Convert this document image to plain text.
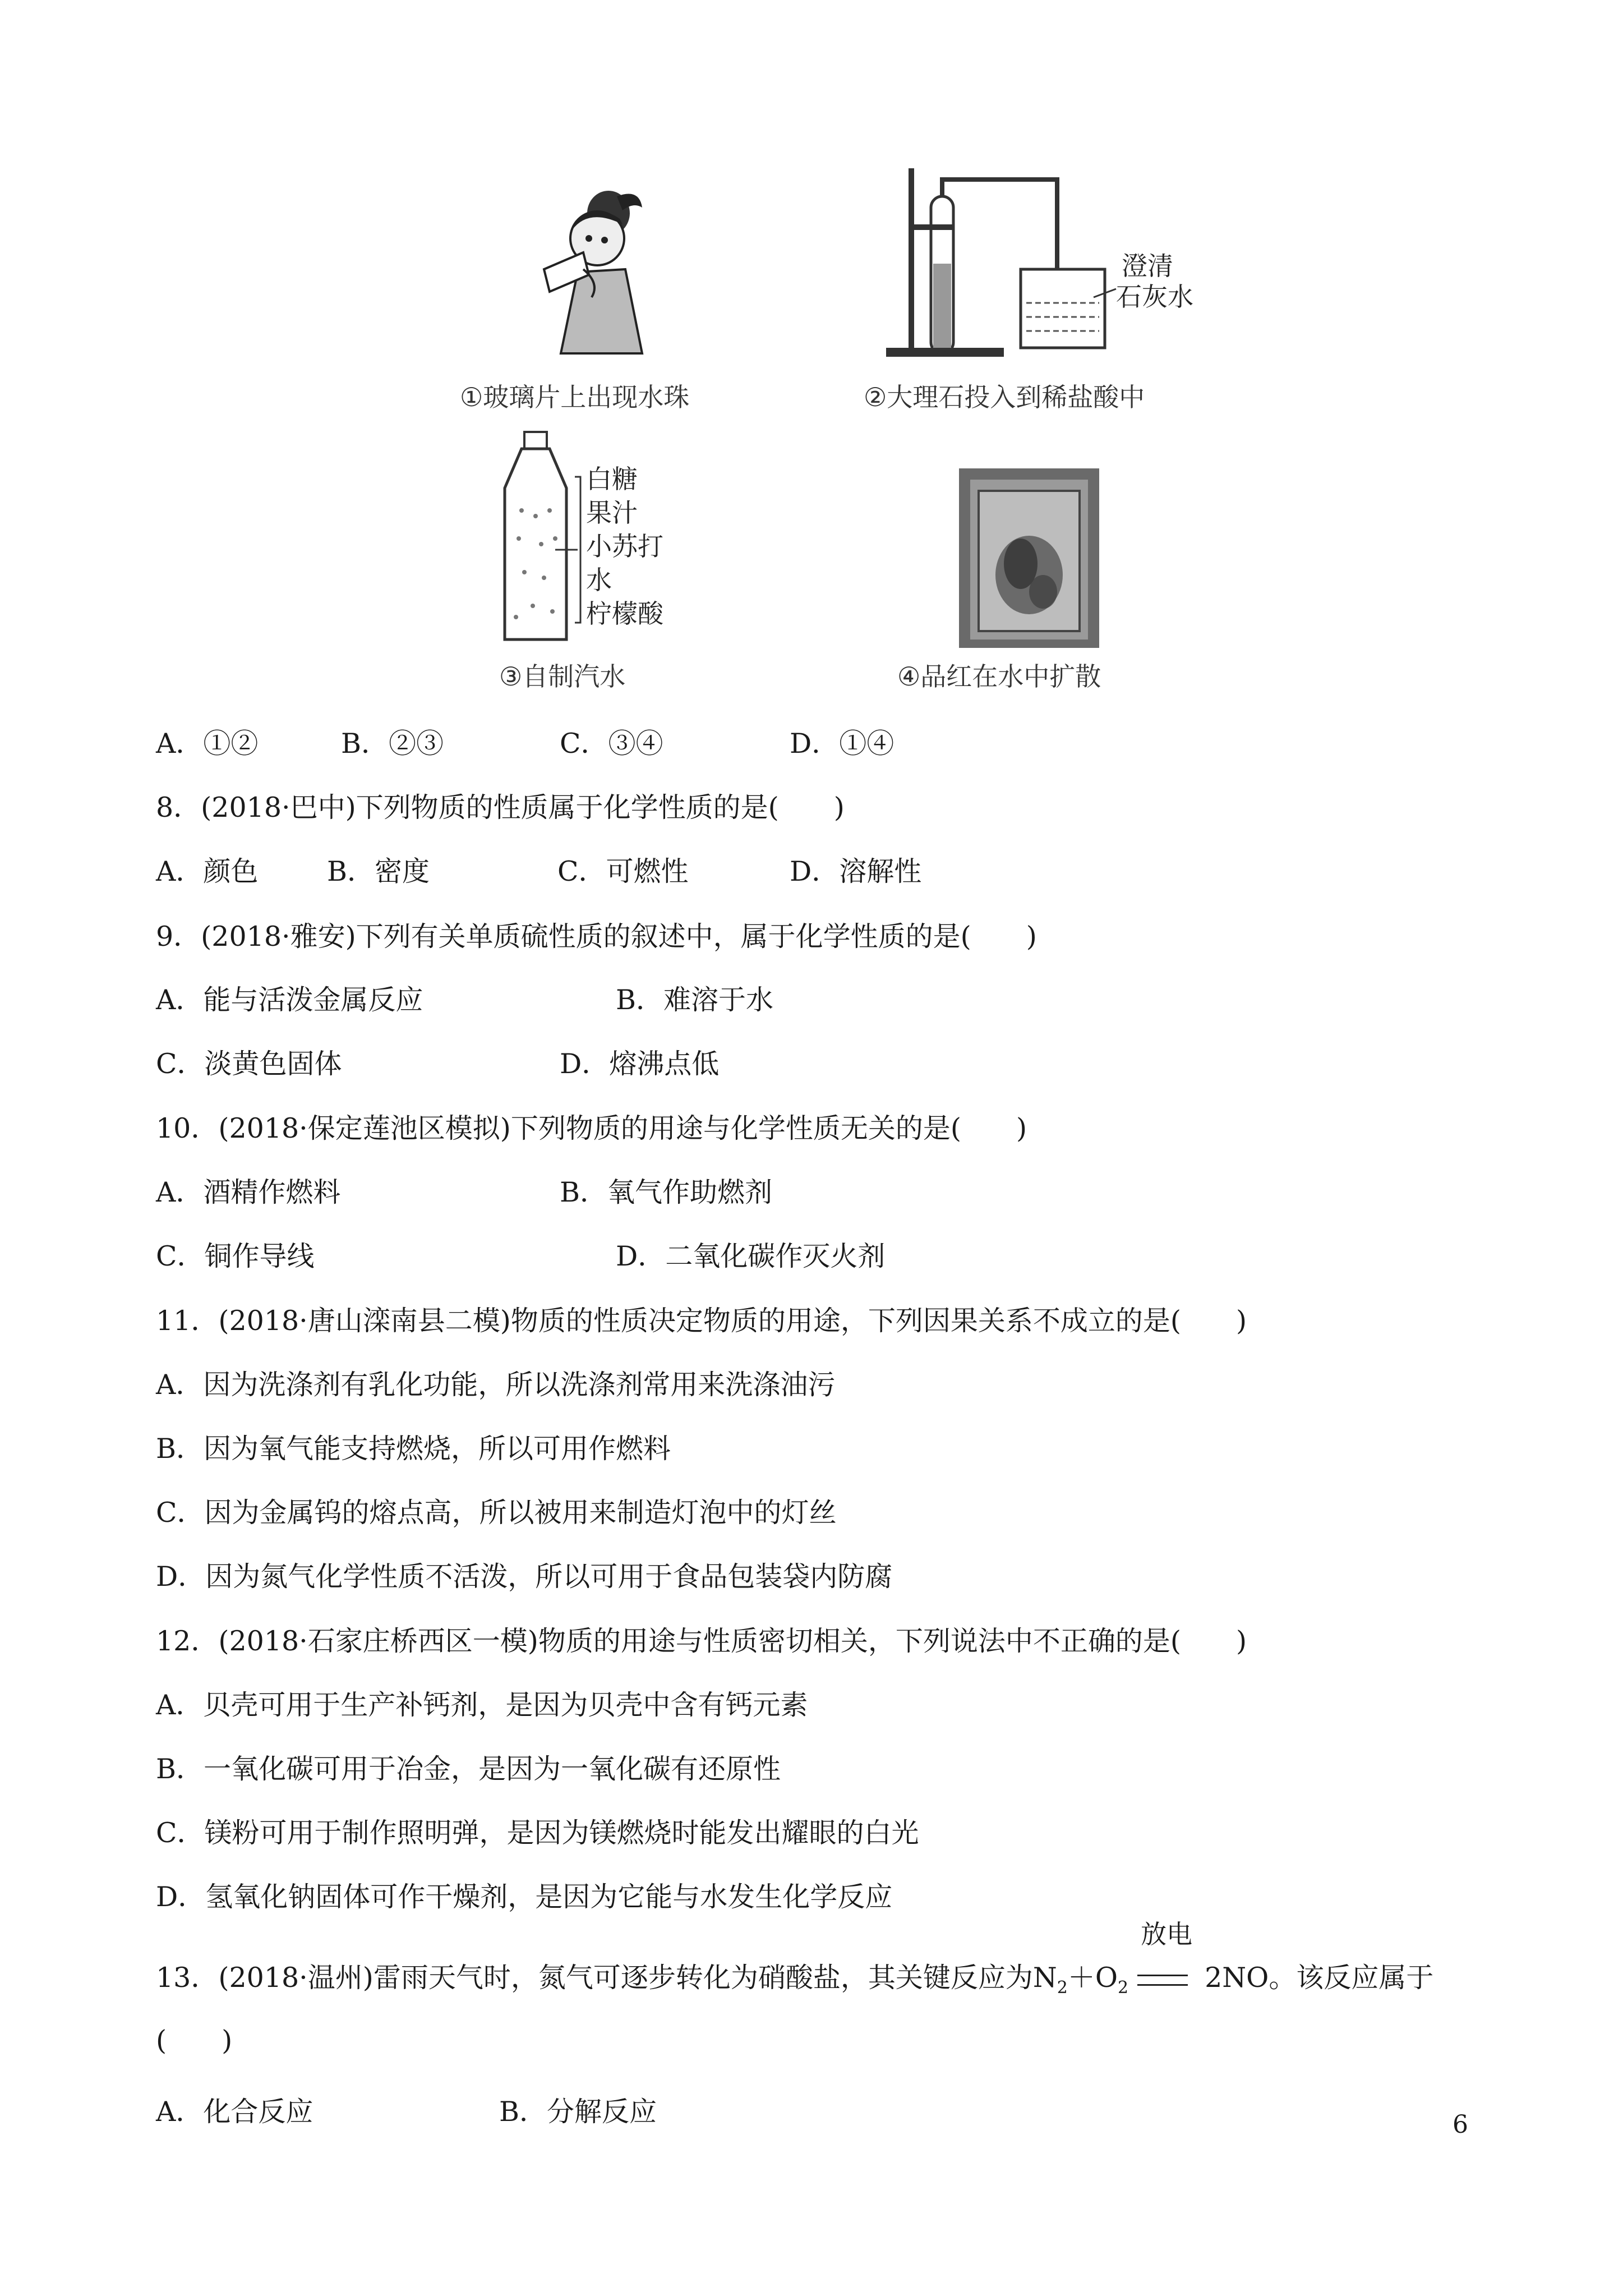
①玻璃片上出现水珠
澄清
石灰水
②大理石投入到稀盐酸中
白糖
果汁
小苏打
水
柠檬酸
③自制汽水	④品红在水中扩散
A．①②	B．②③	C．③④	D．①④
8．(2018·巴中)下列物质的性质属于化学性质的是(　　)
A．颜色	B．密度	C．可燃性	D．溶解性
9．(2018·雅安)下列有关单质硫性质的叙述中，属于化学性质的是(　　)
A．能与活泼金属反应	B．难溶于水
C．淡黄色固体	D．熔沸点低
10．(2018·保定莲池区模拟)下列物质的用途与化学性质无关的是(　　)
A．酒精作燃料	B．氧气作助燃剂
C．铜作导线	D．二氧化碳作灭火剂
11．(2018·唐山滦南县二模)物质的性质决定物质的用途，下列因果关系不成立的是(　　)
A．因为洗涤剂有乳化功能，所以洗涤剂常用来洗涤油污
B．因为氧气能支持燃烧，所以可用作燃料
C．因为金属钨的熔点高，所以被用来制造灯泡中的灯丝
D．因为氮气化学性质不活泼，所以可用于食品包装袋内防腐
12．(2018·石家庄桥西区一模)物质的用途与性质密切相关，下列说法中不正确的是(　　)
A．贝壳可用于生产补钙剂，是因为贝壳中含有钙元素
B．一氧化碳可用于冶金，是因为一氧化碳有还原性
C．镁粉可用于制作照明弹，是因为镁燃烧时能发出耀眼的白光
D．氢氧化钠固体可作干燥剂，是因为它能与水发生化学反应
13．(2018·温州)雷雨天气时，氮气可逐步转化为硝酸盐，其关键反应为$N_2+O_2$
放电
2NO。该反应属于
(　　)
A．化合反应	B．分解反应	6
